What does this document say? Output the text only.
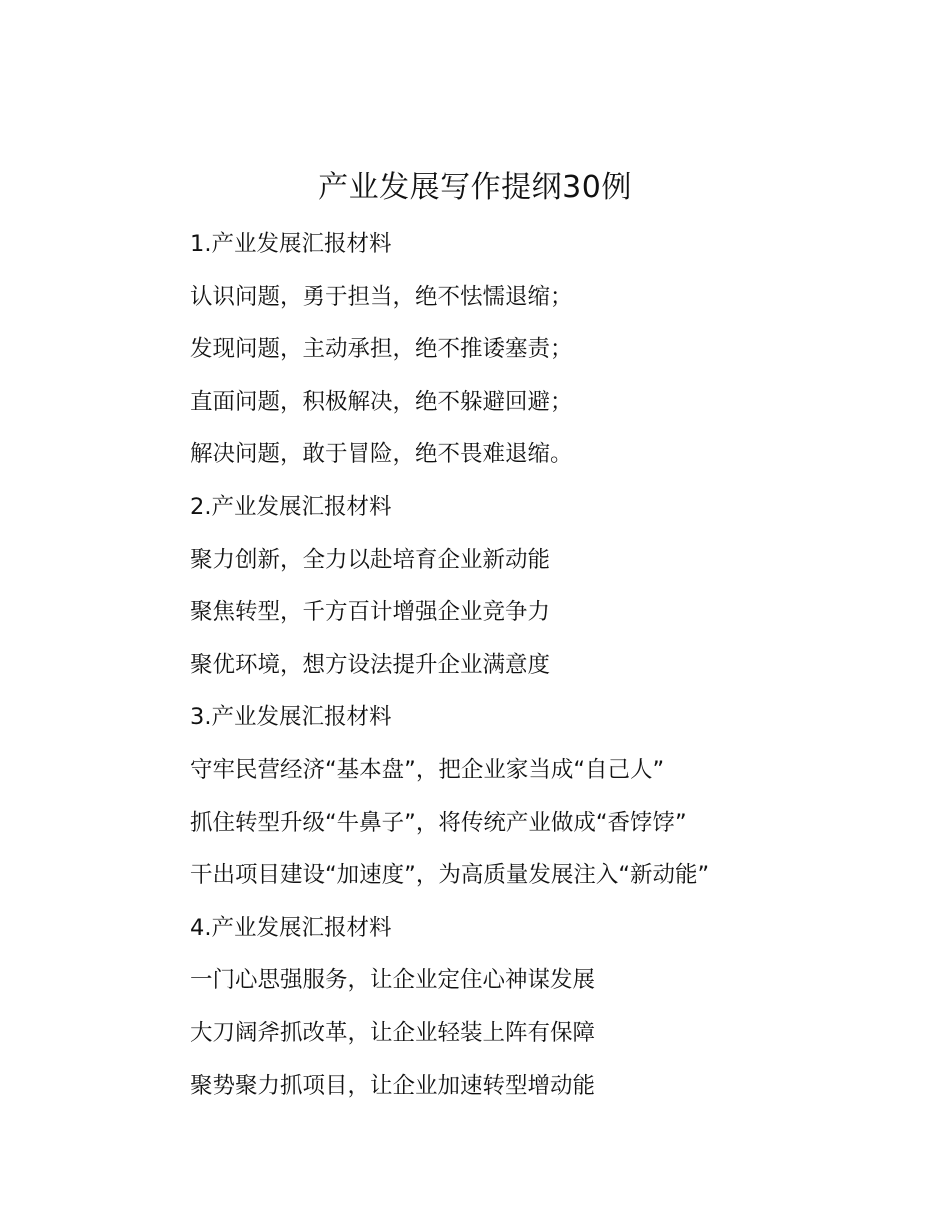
产业发展写作提纲30例
1.产业发展汇报材料
认识问题，勇于担当，绝不怯懦退缩；
发现问题，主动承担，绝不推诿塞责；
直面问题，积极解决，绝不躲避回避；
解决问题，敢于冒险，绝不畏难退缩。
2.产业发展汇报材料
聚力创新，全力以赴培育企业新动能
聚焦转型，千方百计增强企业竞争力
聚优环境，想方设法提升企业满意度
3.产业发展汇报材料
守牢民营经济“基本盘”，把企业家当成“自己人”
抓住转型升级“牛鼻子”，将传统产业做成“香饽饽”
干出项目建设“加速度”，为高质量发展注入“新动能”
4.产业发展汇报材料
一门心思强服务，让企业定住心神谋发展
大刀阔斧抓改革，让企业轻装上阵有保障
聚势聚力抓项目，让企业加速转型增动能
